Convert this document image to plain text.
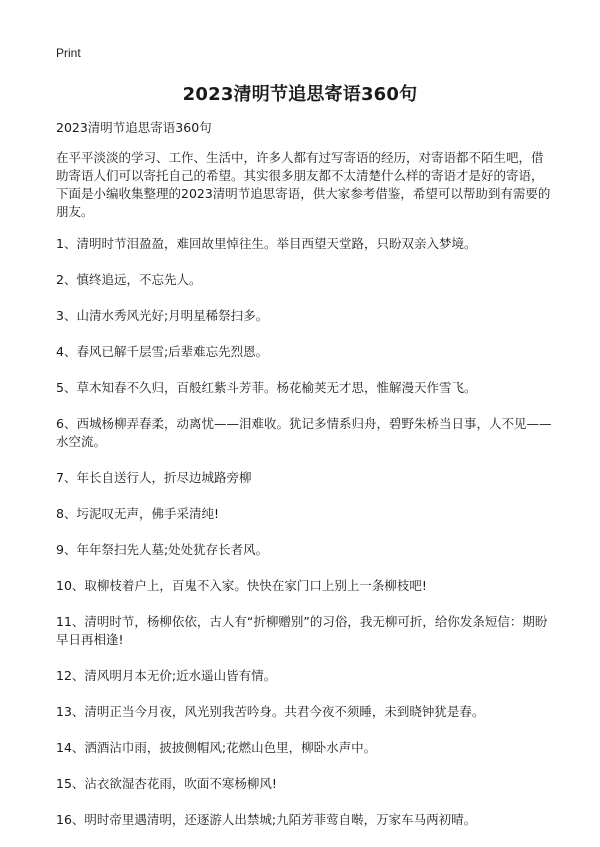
Print
2023清明节追思寄语360句

2023清明节追思寄语360句

在平平淡淡的学习、工作、生活中，许多人都有过写寄语的经历，对寄语都不陌生吧，借助寄语人们可以寄托自己的希望。其实很多朋友都不太清楚什么样的寄语才是好的寄语，下面是小编收集整理的2023清明节追思寄语，供大家参考借鉴，希望可以帮助到有需要的朋友。

1、清明时节泪盈盈，难回故里悼往生。举目西望天堂路，只盼双亲入梦境。

2、慎终追远，不忘先人。

3、山清水秀风光好;月明星稀祭扫多。

4、春风已解千层雪;后辈难忘先烈恩。

5、草木知春不久归，百般红紫斗芳菲。杨花榆荚无才思，惟解漫天作雪飞。

6、西城杨柳弄春柔，动离忧——泪难收。犹记多情系归舟，碧野朱桥当日事，人不见——水空流。

7、年长自送行人，折尽边城路旁柳

8、圬泥叹无声，佛手采清纯!

9、年年祭扫先人墓;处处犹存长者风。

10、取柳枝着户上，百鬼不入家。快快在家门口上别上一条柳枝吧!

11、清明时节，杨柳依依，古人有“折柳赠别”的习俗，我无柳可折，给你发条短信：期盼早日再相逢!

12、清风明月本无价;近水遥山皆有情。

13、清明正当今月夜，风光别我苦吟身。共君今夜不须睡，未到晓钟犹是春。

14、洒酒沾巾雨，披披侧帽风;花燃山色里，柳卧水声中。

15、沾衣欲湿杏花雨，吹面不寒杨柳风!

16、明时帝里遇清明，还逐游人出禁城;九陌芳菲莺自啭，万家车马两初晴。
